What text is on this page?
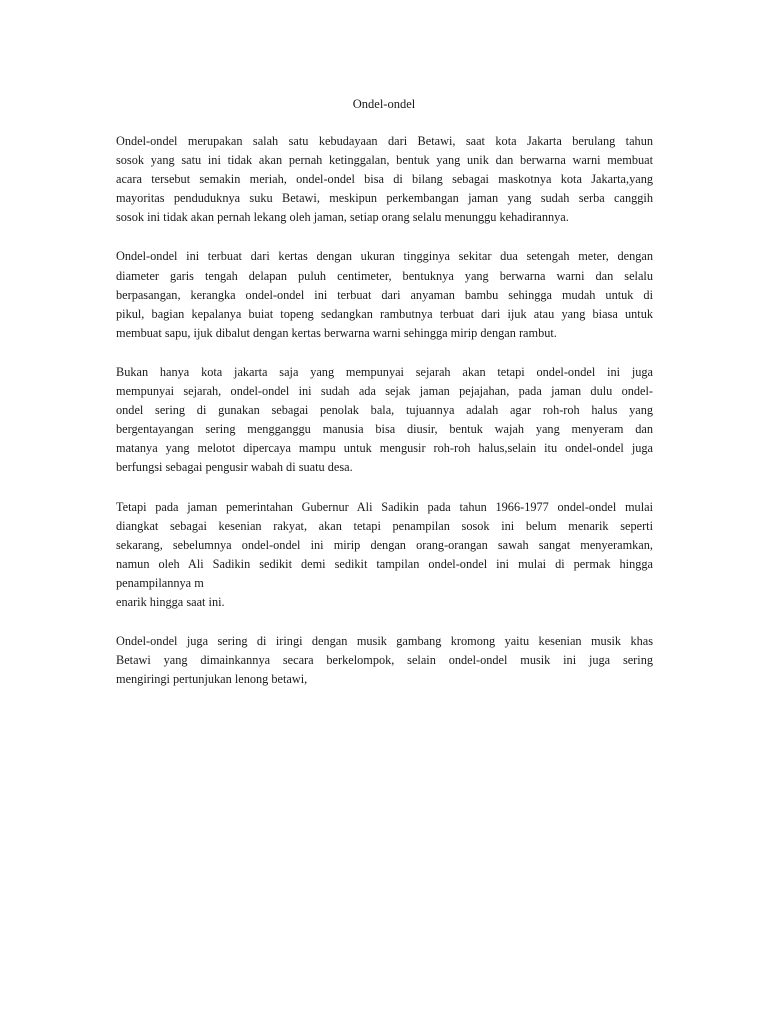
Ondel-ondel

Ondel-ondel merupakan salah satu kebudayaan dari Betawi, saat kota Jakarta berulang tahun
sosok yang satu ini tidak akan pernah ketinggalan, bentuk yang unik dan berwarna warni membuat
acara tersebut semakin meriah, ondel-ondel bisa di bilang sebagai maskotnya kota Jakarta,yang
mayoritas penduduknya suku Betawi, meskipun perkembangan jaman yang sudah serba canggih
sosok ini tidak akan pernah lekang oleh jaman, setiap orang selalu menunggu kehadirannya.

Ondel-ondel ini terbuat dari kertas dengan ukuran tingginya sekitar dua setengah meter, dengan
diameter garis tengah delapan puluh centimeter, bentuknya yang berwarna warni dan selalu
berpasangan, kerangka ondel-ondel ini terbuat dari anyaman bambu sehingga mudah untuk di
pikul, bagian kepalanya buiat topeng sedangkan rambutnya terbuat dari ijuk atau yang biasa untuk
membuat sapu, ijuk dibalut dengan kertas berwarna warni sehingga mirip dengan rambut.

Bukan hanya kota jakarta saja yang mempunyai sejarah akan tetapi ondel-ondel ini juga
mempunyai sejarah, ondel-ondel ini sudah ada sejak jaman pejajahan, pada jaman dulu ondel-
ondel sering di gunakan sebagai penolak bala, tujuannya adalah agar roh-roh halus yang
bergentayangan sering mengganggu manusia bisa diusir, bentuk wajah yang menyeram dan
matanya yang melotot dipercaya mampu untuk mengusir roh-roh halus,selain itu ondel-ondel juga
berfungsi sebagai pengusir wabah di suatu desa.

Tetapi pada jaman pemerintahan Gubernur Ali Sadikin pada tahun 1966-1977 ondel-ondel mulai
diangkat sebagai kesenian rakyat, akan tetapi penampilan sosok ini belum menarik seperti
sekarang, sebelumnya ondel-ondel ini mirip dengan orang-orangan sawah sangat menyeramkan,
namun oleh Ali Sadikin sedikit demi sedikit tampilan ondel-ondel ini mulai di permak hingga
penampilannya m
enarik hingga saat ini.

Ondel-ondel juga sering di iringi dengan musik gambang kromong yaitu kesenian musik khas
Betawi yang dimainkannya secara berkelompok, selain ondel-ondel musik ini juga sering
mengiringi pertunjukan lenong betawi,
